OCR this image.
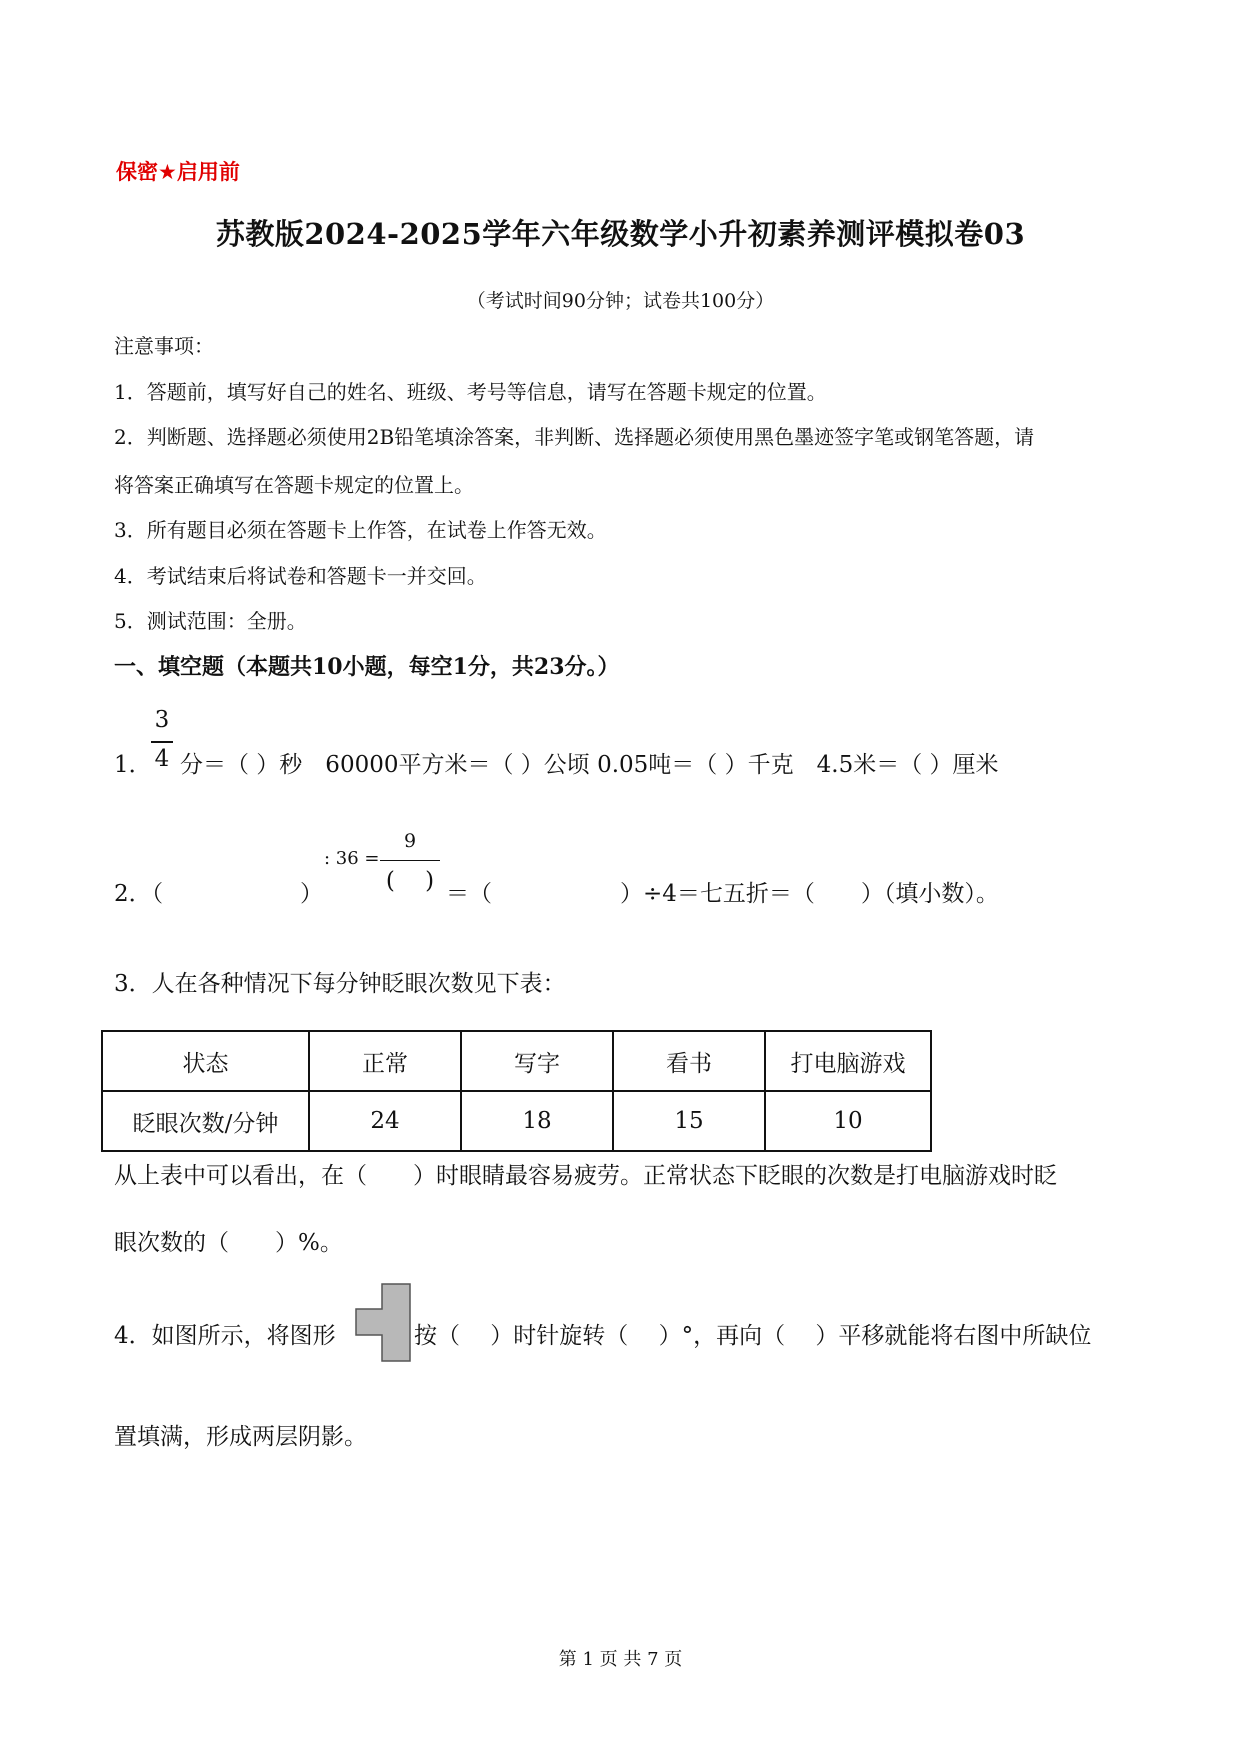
保密★启用前
苏教版2024-2025学年六年级数学小升初素养测评模拟卷03
（考试时间90分钟；试卷共100分）
注意事项：
1．答题前，填写好自己的姓名、班级、考号等信息，请写在答题卡规定的位置。
2．判断题、选择题必须使用2B铅笔填涂答案，非判断、选择题必须使用黑色墨迹签字笔或钢笔答题，请
将答案正确填写在答题卡规定的位置上。
3．所有题目必须在答题卡上作答，在试卷上作答无效。
4．考试结束后将试卷和答题卡一并交回。
5．测试范围：全册。
一、填空题（本题共10小题，每空1分，共23分。）
1．
3
4 分＝（ ）秒　60000平方米＝（ ）公顷 0.05吨＝（ ）千克　4.5米＝（ ）厘米
2．（	）
: 36 =
9
(　 ) ＝（	）÷4＝七五折＝（　　）（填小数）。
3．人在各种情况下每分钟眨眼次数见下表：
状态	正常	写字	看书	打电脑游戏
眨眼次数/分钟	24	18	15	10
从上表中可以看出，在（　　）时眼睛最容易疲劳。正常状态下眨眼的次数是打电脑游戏时眨
眼次数的（　　）%。
4．如图所示，将图形	按（　 ）时针旋转（　 ）°，再向（　 ）平移就能将右图中所缺位
置填满，形成两层阴影。
第 1 页 共 7 页
